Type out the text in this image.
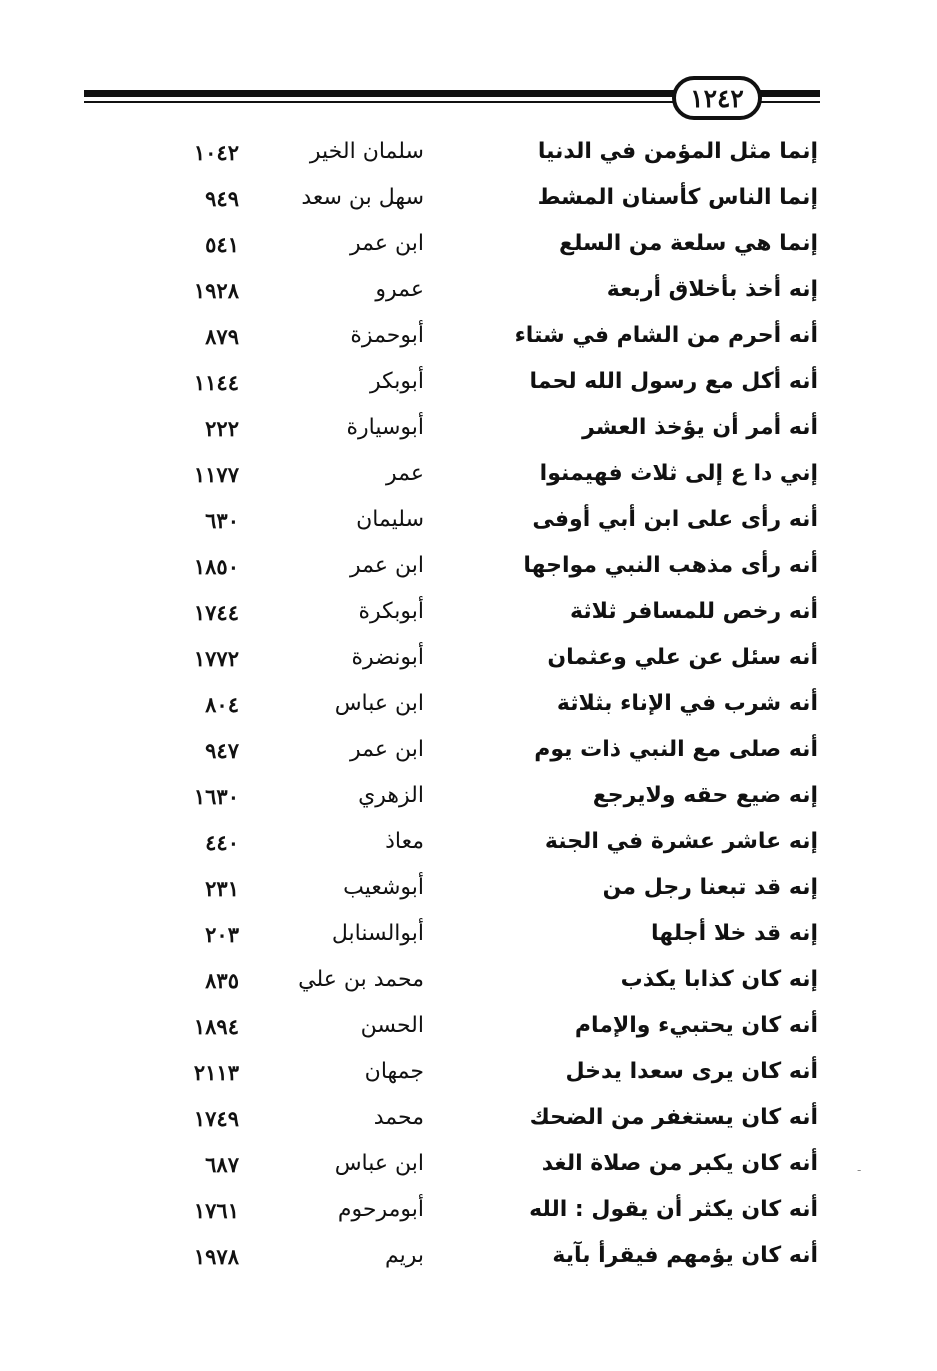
١٢٤٢
إنما مثل المؤمن في الدنيا
سلمان الخير
١٠٤٢
إنما الناس كأسنان المشط
سهل بن سعد
٩٤٩
إنما هي سلعة من السلع
ابن عمر
٥٤١
إنه أخذ بأخلاق أربعة
عمرو
١٩٢٨
أنه أحرم من الشام في شتاء
أبوحمزة
٨٧٩
أنه أكل مع رسول الله لحما
أبوبكر
١١٤٤
أنه أمر أن يؤخذ العشر
أبوسيارة
٢٢٢
إني دا ع إلى ثلاث فهيمنوا
عمر
١١٧٧
أنه رأى على ابن أبي أوفى
سليمان
٦٣٠
أنه رأى مذهب النبي مواجها
ابن عمر
١٨٥٠
أنه رخص للمسافر ثلاثة
أبوبكرة
١٧٤٤
أنه سئل عن علي وعثمان
أبونضرة
١٧٧٢
أنه شرب في الإناء بثلاثة
ابن عباس
٨٠٤
أنه صلى مع النبي ذات يوم
ابن عمر
٩٤٧
إنه ضيع حقه ولايرجع
الزهري
١٦٣٠
إنه عاشر عشرة في الجنة
معاذ
٤٤٠
إنه قد تبعنا رجل من
أبوشعيب
٢٣١
إنه قد خلا أجلها
أبوالسنابل
٢٠٣
إنه كان كذابا يكذب
محمد بن علي
٨٣٥
أنه كان يحتبيء والإمام
الحسن
١٨٩٤
أنه كان يرى سعدا يدخل
جمهان
٢١١٣
أنه كان يستغفر من الضحك
محمد
١٧٤٩
أنه كان يكبر من صلاة الغد
ابن عباس
٦٨٧
أنه كان يكثر أن يقول : الله
أبومرحوم
١٧٦١
أنه كان يؤمهم فيقرأ بآية
بريم
١٩٧٨
-
